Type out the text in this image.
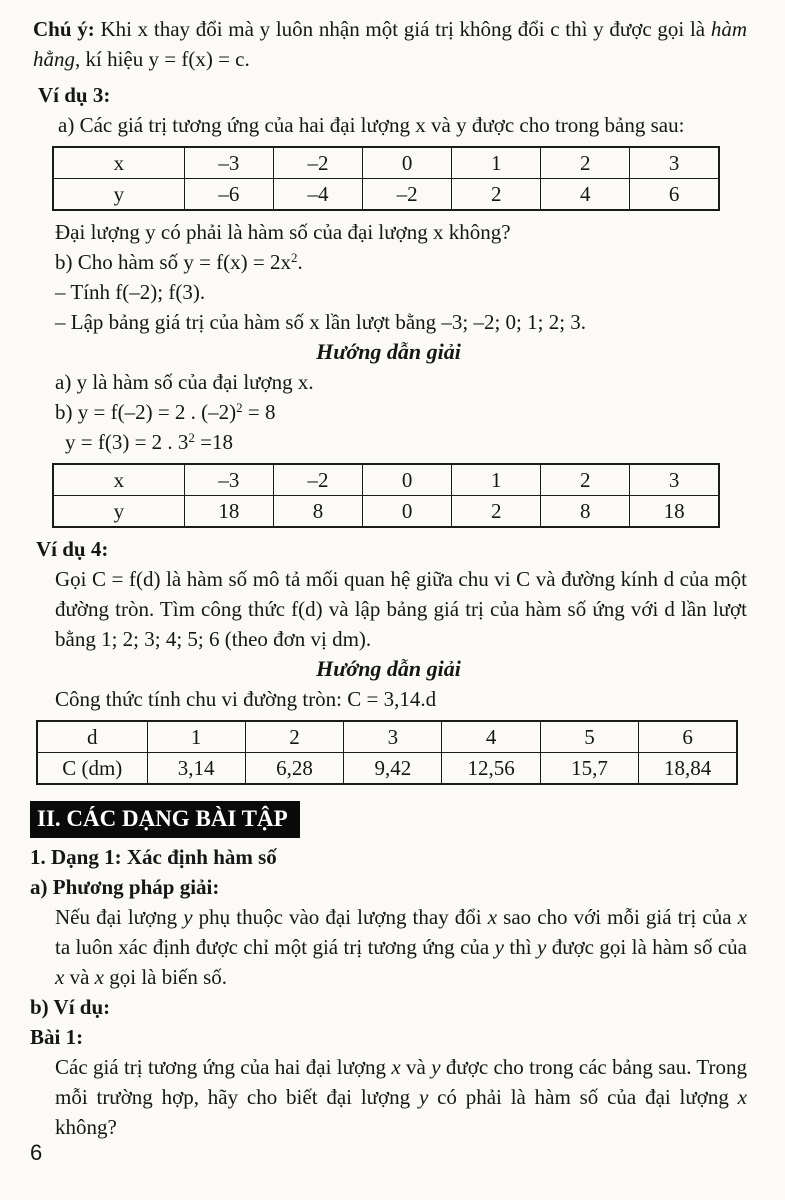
Chú ý: Khi x thay đổi mà y luôn nhận một giá trị không đổi c thì y được gọi là hàm hằng, kí hiệu y = f(x) = c.

Ví dụ 3:

a) Các giá trị tương ứng của hai đại lượng x và y được cho trong bảng sau:

x	–3	–2	0	1	2	3
y	–6	–4	–2	2	4	6

Đại lượng y có phải là hàm số của đại lượng x không?

b) Cho hàm số $y = f(x) = 2x^2$.

– Tính f(–2); f(3).

– Lập bảng giá trị của hàm số x lần lượt bằng –3; –2; 0; 1; 2; 3.

Hướng dẫn giải

a) y là hàm số của đại lượng x.

b) y = f(–2) = 2 . $(-2)^2 = 8$

y = f(3) = 2 . $3^2 =18$

x	–3	–2	0	1	2	3
y	18	8	0	2	8	18

Ví dụ 4:

Gọi C = f(d) là hàm số mô tả mối quan hệ giữa chu vi C và đường kính d của một đường tròn. Tìm công thức f(d) và lập bảng giá trị của hàm số ứng với d lần lượt bằng 1; 2; 3; 4; 5; 6 (theo đơn vị dm).

Hướng dẫn giải

Công thức tính chu vi đường tròn: C = 3,14.d

d	1	2	3	4	5	6
C (dm)	3,14	6,28	9,42	12,56	15,7	18,84
II. CÁC DẠNG BÀI TẬP

1. Dạng 1: Xác định hàm số

a) Phương pháp giải:

Nếu đại lượng y phụ thuộc vào đại lượng thay đổi x sao cho với mỗi giá trị của x ta luôn xác định được chỉ một giá trị tương ứng của y thì y được gọi là hàm số của x và x gọi là biến số.

b) Ví dụ:

Bài 1:

Các giá trị tương ứng của hai đại lượng x và y được cho trong các bảng sau. Trong mỗi trường hợp, hãy cho biết đại lượng y có phải là hàm số của đại lượng x không?

6
